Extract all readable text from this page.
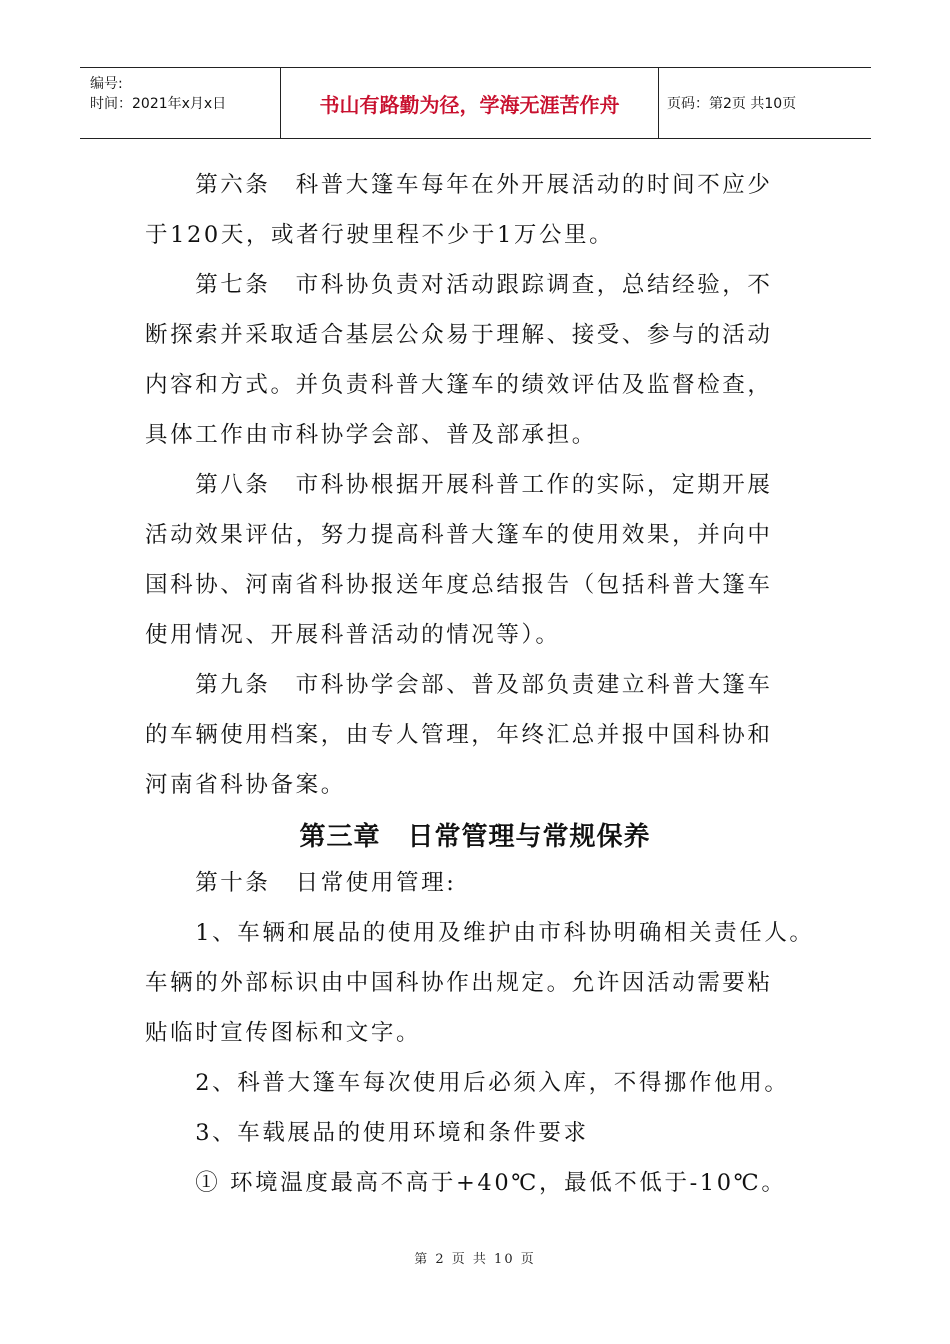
编号:
时间：2021年x月x日	书山有路勤为径，学海无涯苦作舟	页码：第2页 共10页
　　第六条　科普大篷车每年在外开展活动的时间不应少
于120天，或者行驶里程不少于1万公里。
　　第七条　市科协负责对活动跟踪调查，总结经验，不
断探索并采取适合基层公众易于理解、接受、参与的活动
内容和方式。并负责科普大篷车的绩效评估及监督检查，
具体工作由市科协学会部、普及部承担。
　　第八条　市科协根据开展科普工作的实际，定期开展
活动效果评估，努力提高科普大篷车的使用效果，并向中
国科协、河南省科协报送年度总结报告（包括科普大篷车
使用情况、开展科普活动的情况等）。
　　第九条　市科协学会部、普及部负责建立科普大篷车
的车辆使用档案，由专人管理，年终汇总并报中国科协和
河南省科协备案。
第三章　日常管理与常规保养
　　第十条　日常使用管理:
　　1、车辆和展品的使用及维护由市科协明确相关责任人。
车辆的外部标识由中国科协作出规定。允许因活动需要粘
贴临时宣传图标和文字。
　　2、科普大篷车每次使用后必须入库，不得挪作他用。
　　3、车载展品的使用环境和条件要求
　　① 环境温度最高不高于+40℃，最低不低于-10℃。
第 2 页 共 10 页
